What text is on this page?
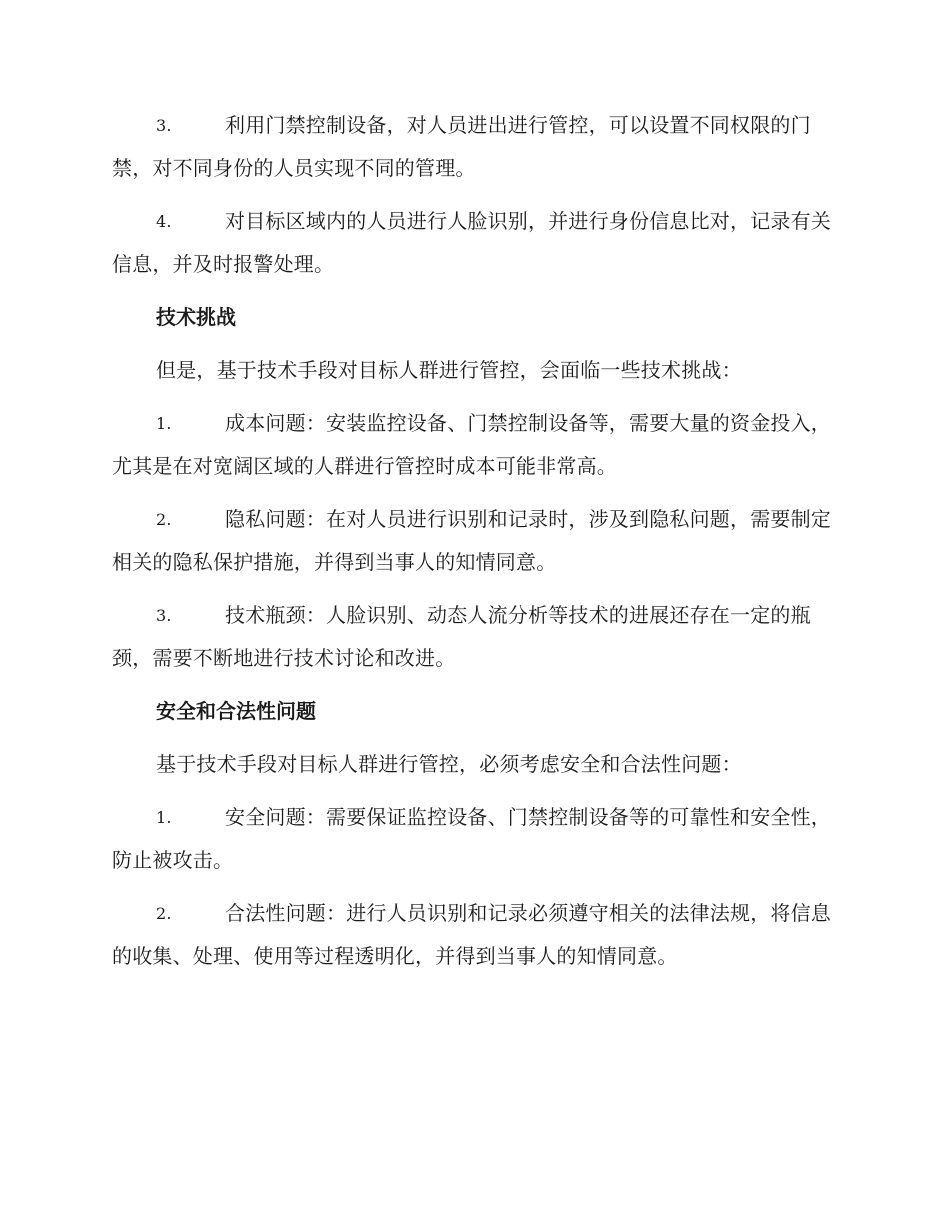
3.	利用门禁控制设备，对人员进出进行管控，可以设置不同权限的门禁，对不同身份的人员实现不同的管理。

4.	对目标区域内的人员进行人脸识别，并进行身份信息比对，记录有关信息，并及时报警处理。

技术挑战

但是，基于技术手段对目标人群进行管控，会面临一些技术挑战：

1.	成本问题：安装监控设备、门禁控制设备等，需要大量的资金投入，尤其是在对宽阔区域的人群进行管控时成本可能非常高。

2.	隐私问题：在对人员进行识别和记录时，涉及到隐私问题，需要制定相关的隐私保护措施，并得到当事人的知情同意。

3.	技术瓶颈：人脸识别、动态人流分析等技术的进展还存在一定的瓶颈，需要不断地进行技术讨论和改进。

安全和合法性问题

基于技术手段对目标人群进行管控，必须考虑安全和合法性问题：

1.	安全问题：需要保证监控设备、门禁控制设备等的可靠性和安全性，防止被攻击。

2.	合法性问题：进行人员识别和记录必须遵守相关的法律法规，将信息的收集、处理、使用等过程透明化，并得到当事人的知情同意。
